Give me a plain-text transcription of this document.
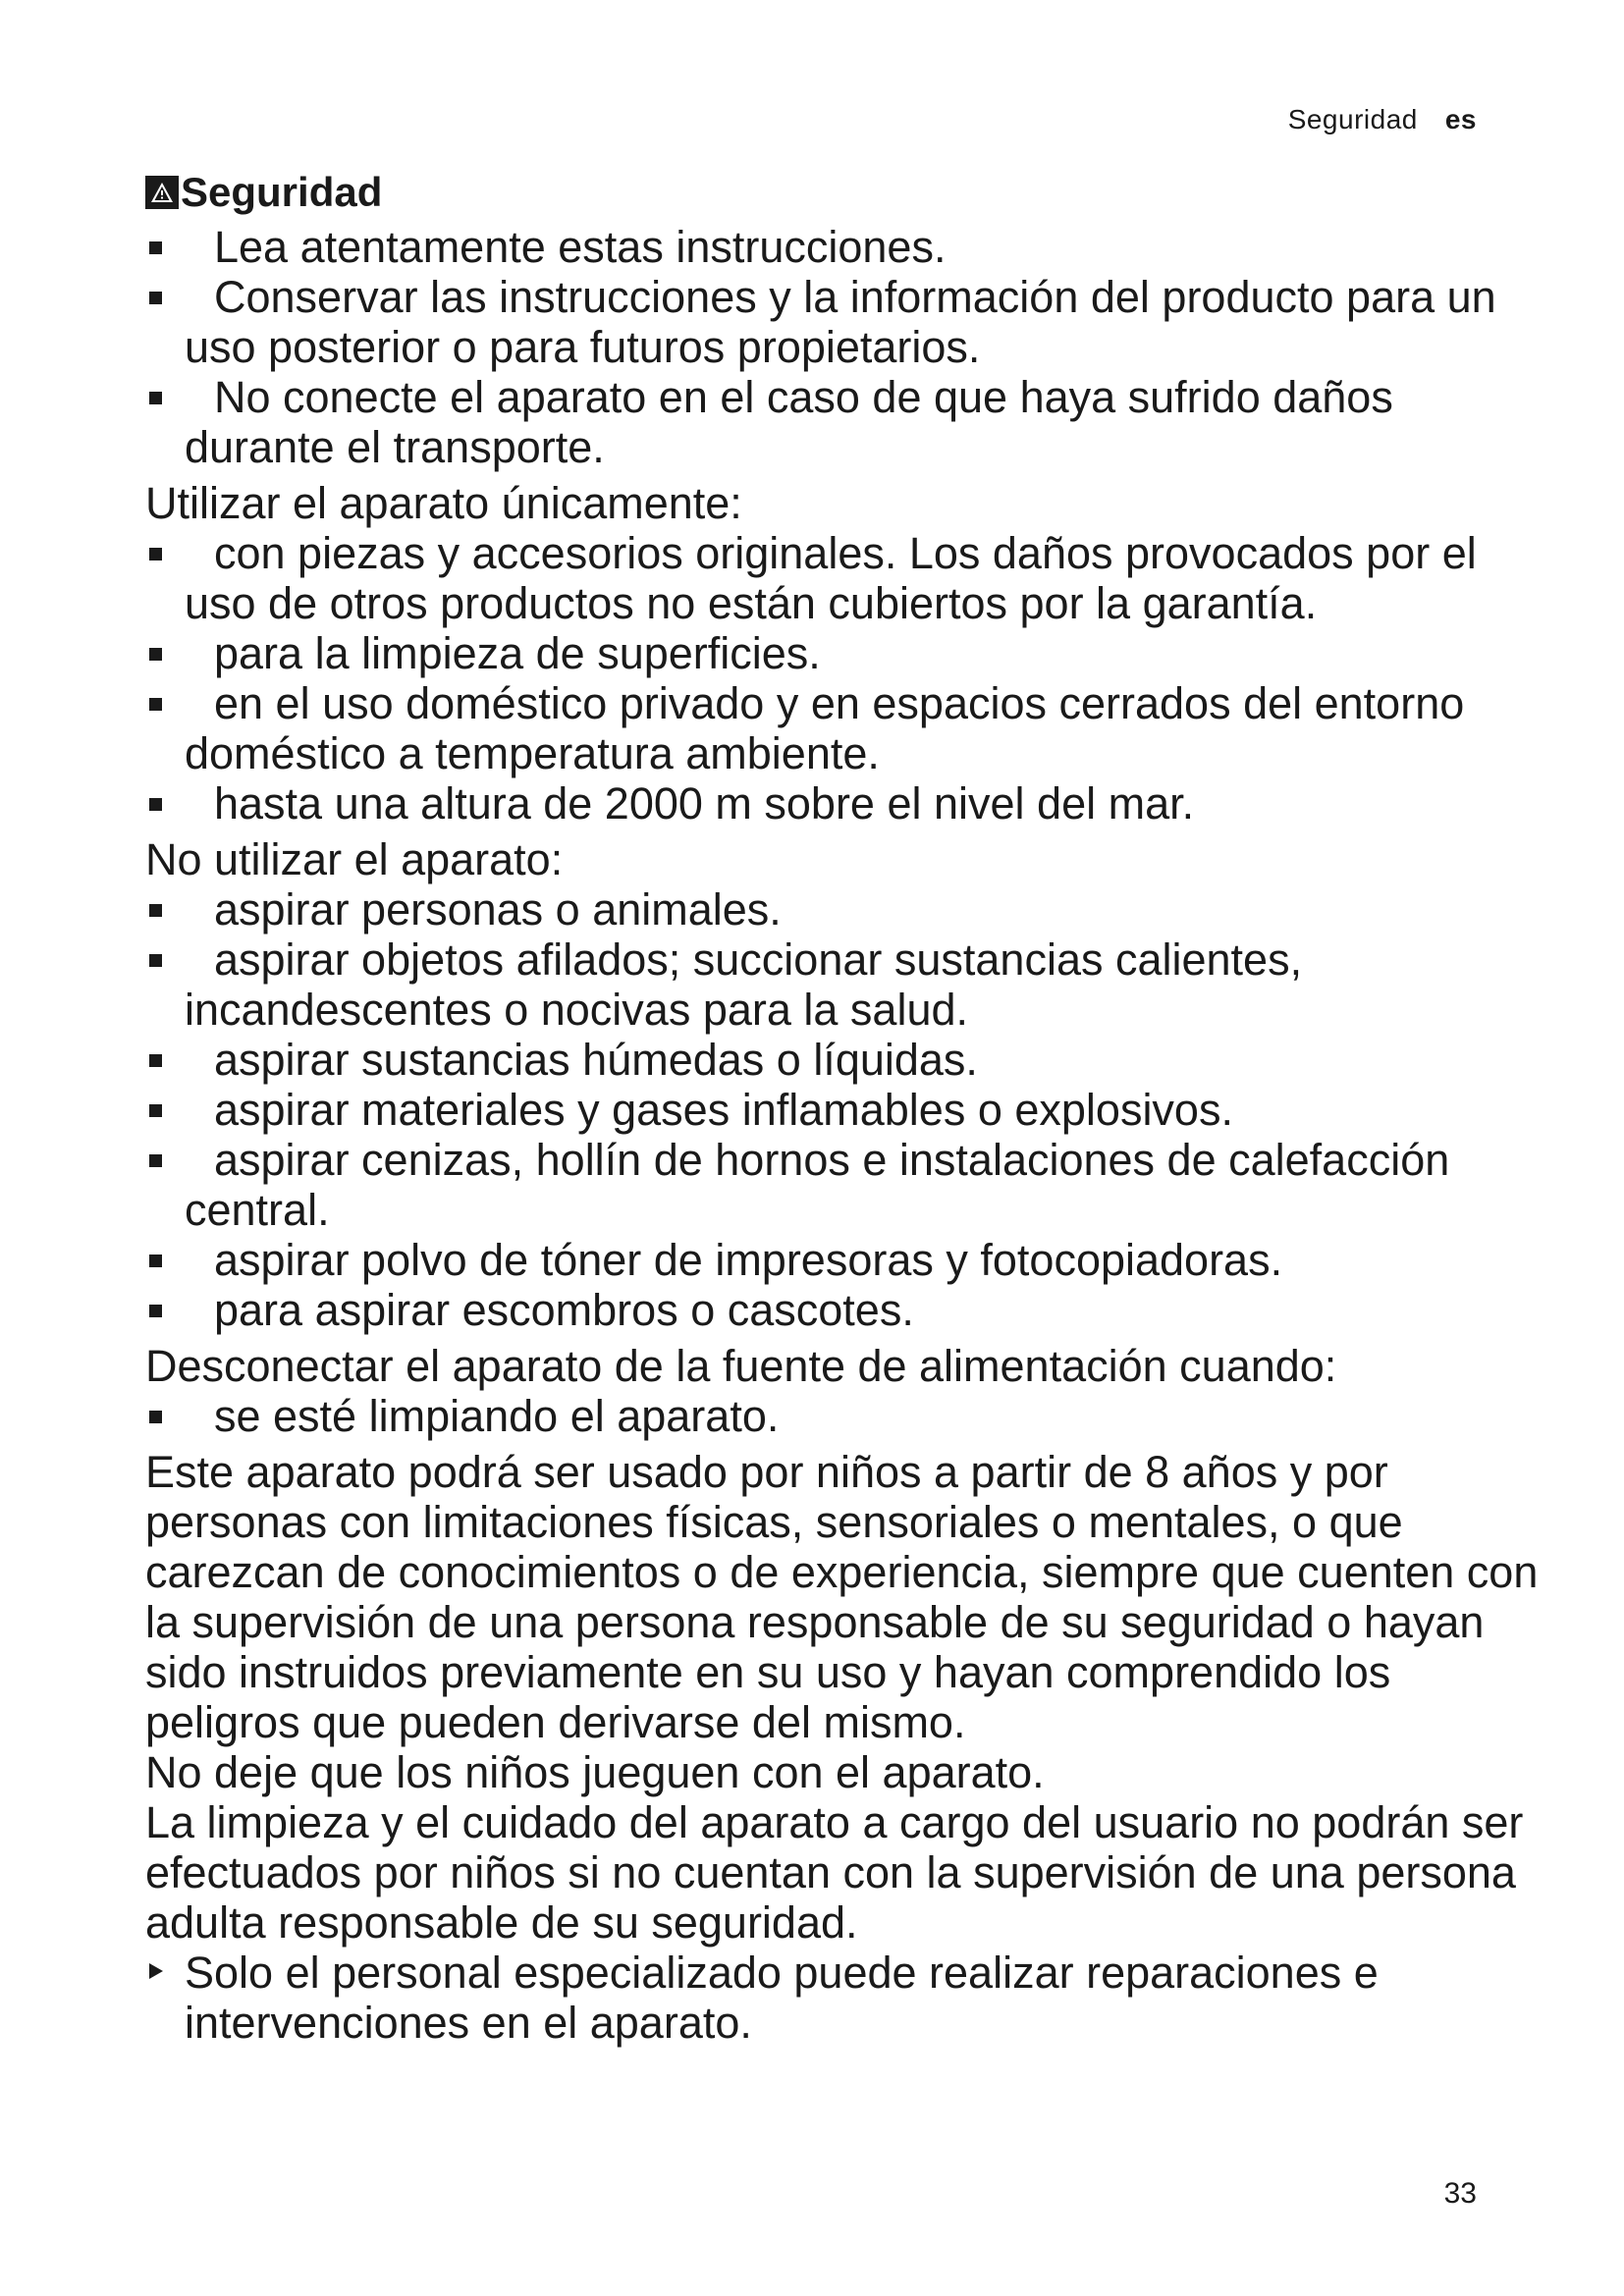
Seguridad es
Seguridad
Lea atentamente estas instrucciones.
Conservar las instrucciones y la información del producto para un uso posterior o para futuros propietarios.
No conecte el aparato en el caso de que haya sufrido daños durante el transporte.

Utilizar el aparato únicamente:

con piezas y accesorios originales. Los daños provocados por el uso de otros productos no están cubiertos por la garantía.
para la limpieza de superficies.
en el uso doméstico privado y en espacios cerrados del entorno doméstico a temperatura ambiente.
hasta una altura de 2000 m sobre el nivel del mar.

No utilizar el aparato:

aspirar personas o animales.
aspirar objetos afilados; succionar sustancias calientes, incandescentes o nocivas para la salud.
aspirar sustancias húmedas o líquidas.
aspirar materiales y gases inflamables o explosivos.
aspirar cenizas, hollín de hornos e instalaciones de calefacción central.
aspirar polvo de tóner de impresoras y fotocopiadoras.
para aspirar escombros o cascotes.

Desconectar el aparato de la fuente de alimentación cuando:

se esté limpiando el aparato.

Este aparato podrá ser usado por niños a partir de 8 años y por personas con limitaciones físicas, sensoriales o mentales, o que carezcan de conocimientos o de experiencia, siempre que cuenten con la supervisión de una persona responsable de su seguridad o hayan sido instruidos previamente en su uso y hayan comprendido los peligros que pueden derivarse del mismo.

No deje que los niños jueguen con el aparato.

La limpieza y el cuidado del aparato a cargo del usuario no podrán ser efectuados por niños si no cuentan con la supervisión de una persona adulta responsable de su seguridad.

Solo el personal especializado puede realizar reparaciones e intervenciones en el aparato.
33
